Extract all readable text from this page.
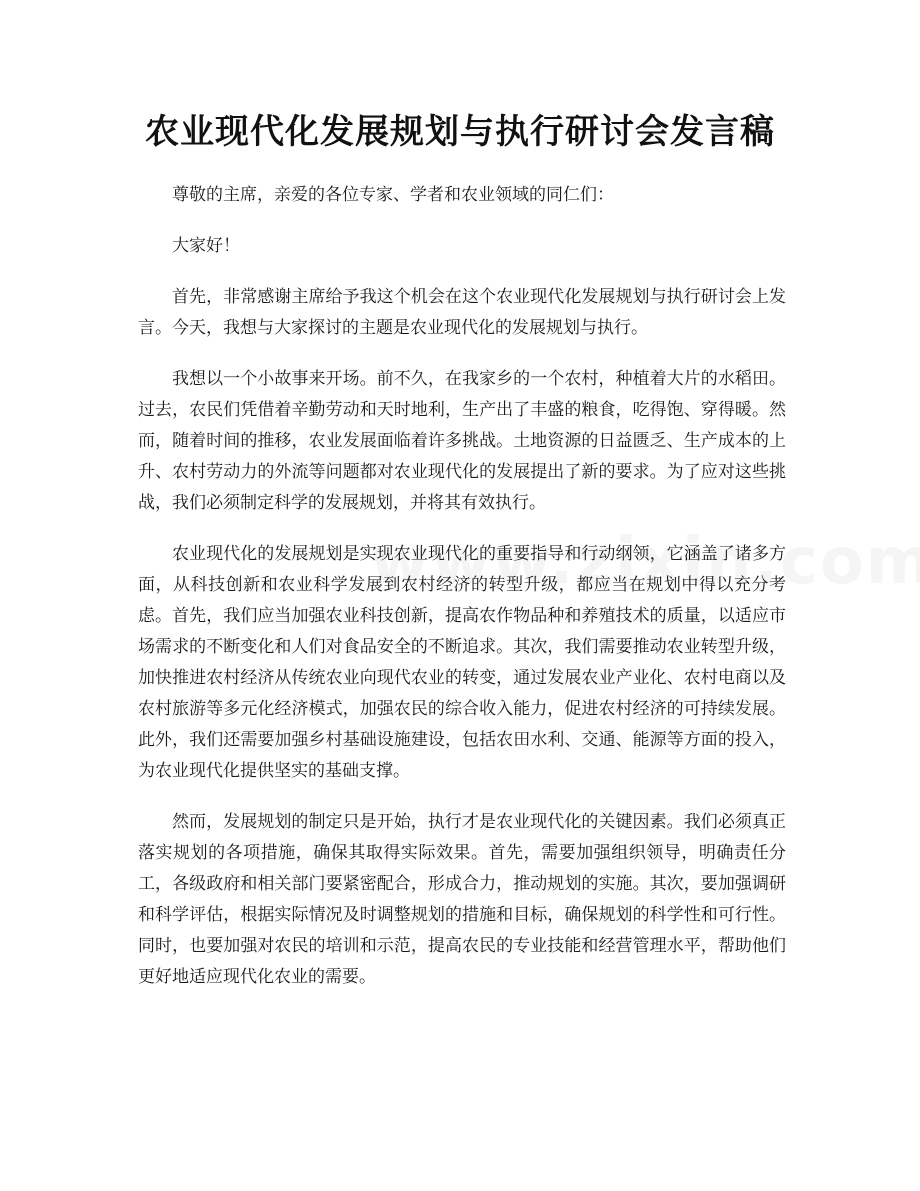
农业现代化发展规划与执行研讨会发言稿

尊敬的主席，亲爱的各位专家、学者和农业领域的同仁们：

大家好！

首先，非常感谢主席给予我这个机会在这个农业现代化发展规划与执行研讨会上发言。今天，我想与大家探讨的主题是农业现代化的发展规划与执行。

我想以一个小故事来开场。前不久，在我家乡的一个农村，种植着大片的水稻田。过去，农民们凭借着辛勤劳动和天时地利，生产出了丰盛的粮食，吃得饱、穿得暖。然而，随着时间的推移，农业发展面临着许多挑战。土地资源的日益匮乏、生产成本的上升、农村劳动力的外流等问题都对农业现代化的发展提出了新的要求。为了应对这些挑战，我们必须制定科学的发展规划，并将其有效执行。

农业现代化的发展规划是实现农业现代化的重要指导和行动纲领，它涵盖了诸多方面，从科技创新和农业科学发展到农村经济的转型升级，都应当在规划中得以充分考虑。首先，我们应当加强农业科技创新，提高农作物品种和养殖技术的质量，以适应市场需求的不断变化和人们对食品安全的不断追求。其次，我们需要推动农业转型升级，加快推进农村经济从传统农业向现代农业的转变，通过发展农业产业化、农村电商以及农村旅游等多元化经济模式，加强农民的综合收入能力，促进农村经济的可持续发展。此外，我们还需要加强乡村基础设施建设，包括农田水利、交通、能源等方面的投入，为农业现代化提供坚实的基础支撑。

然而，发展规划的制定只是开始，执行才是农业现代化的关键因素。我们必须真正落实规划的各项措施，确保其取得实际效果。首先，需要加强组织领导，明确责任分工，各级政府和相关部门要紧密配合，形成合力，推动规划的实施。其次，要加强调研和科学评估，根据实际情况及时调整规划的措施和目标，确保规划的科学性和可行性。同时，也要加强对农民的培训和示范，提高农民的专业技能和经营管理水平，帮助他们更好地适应现代化农业的需要。
